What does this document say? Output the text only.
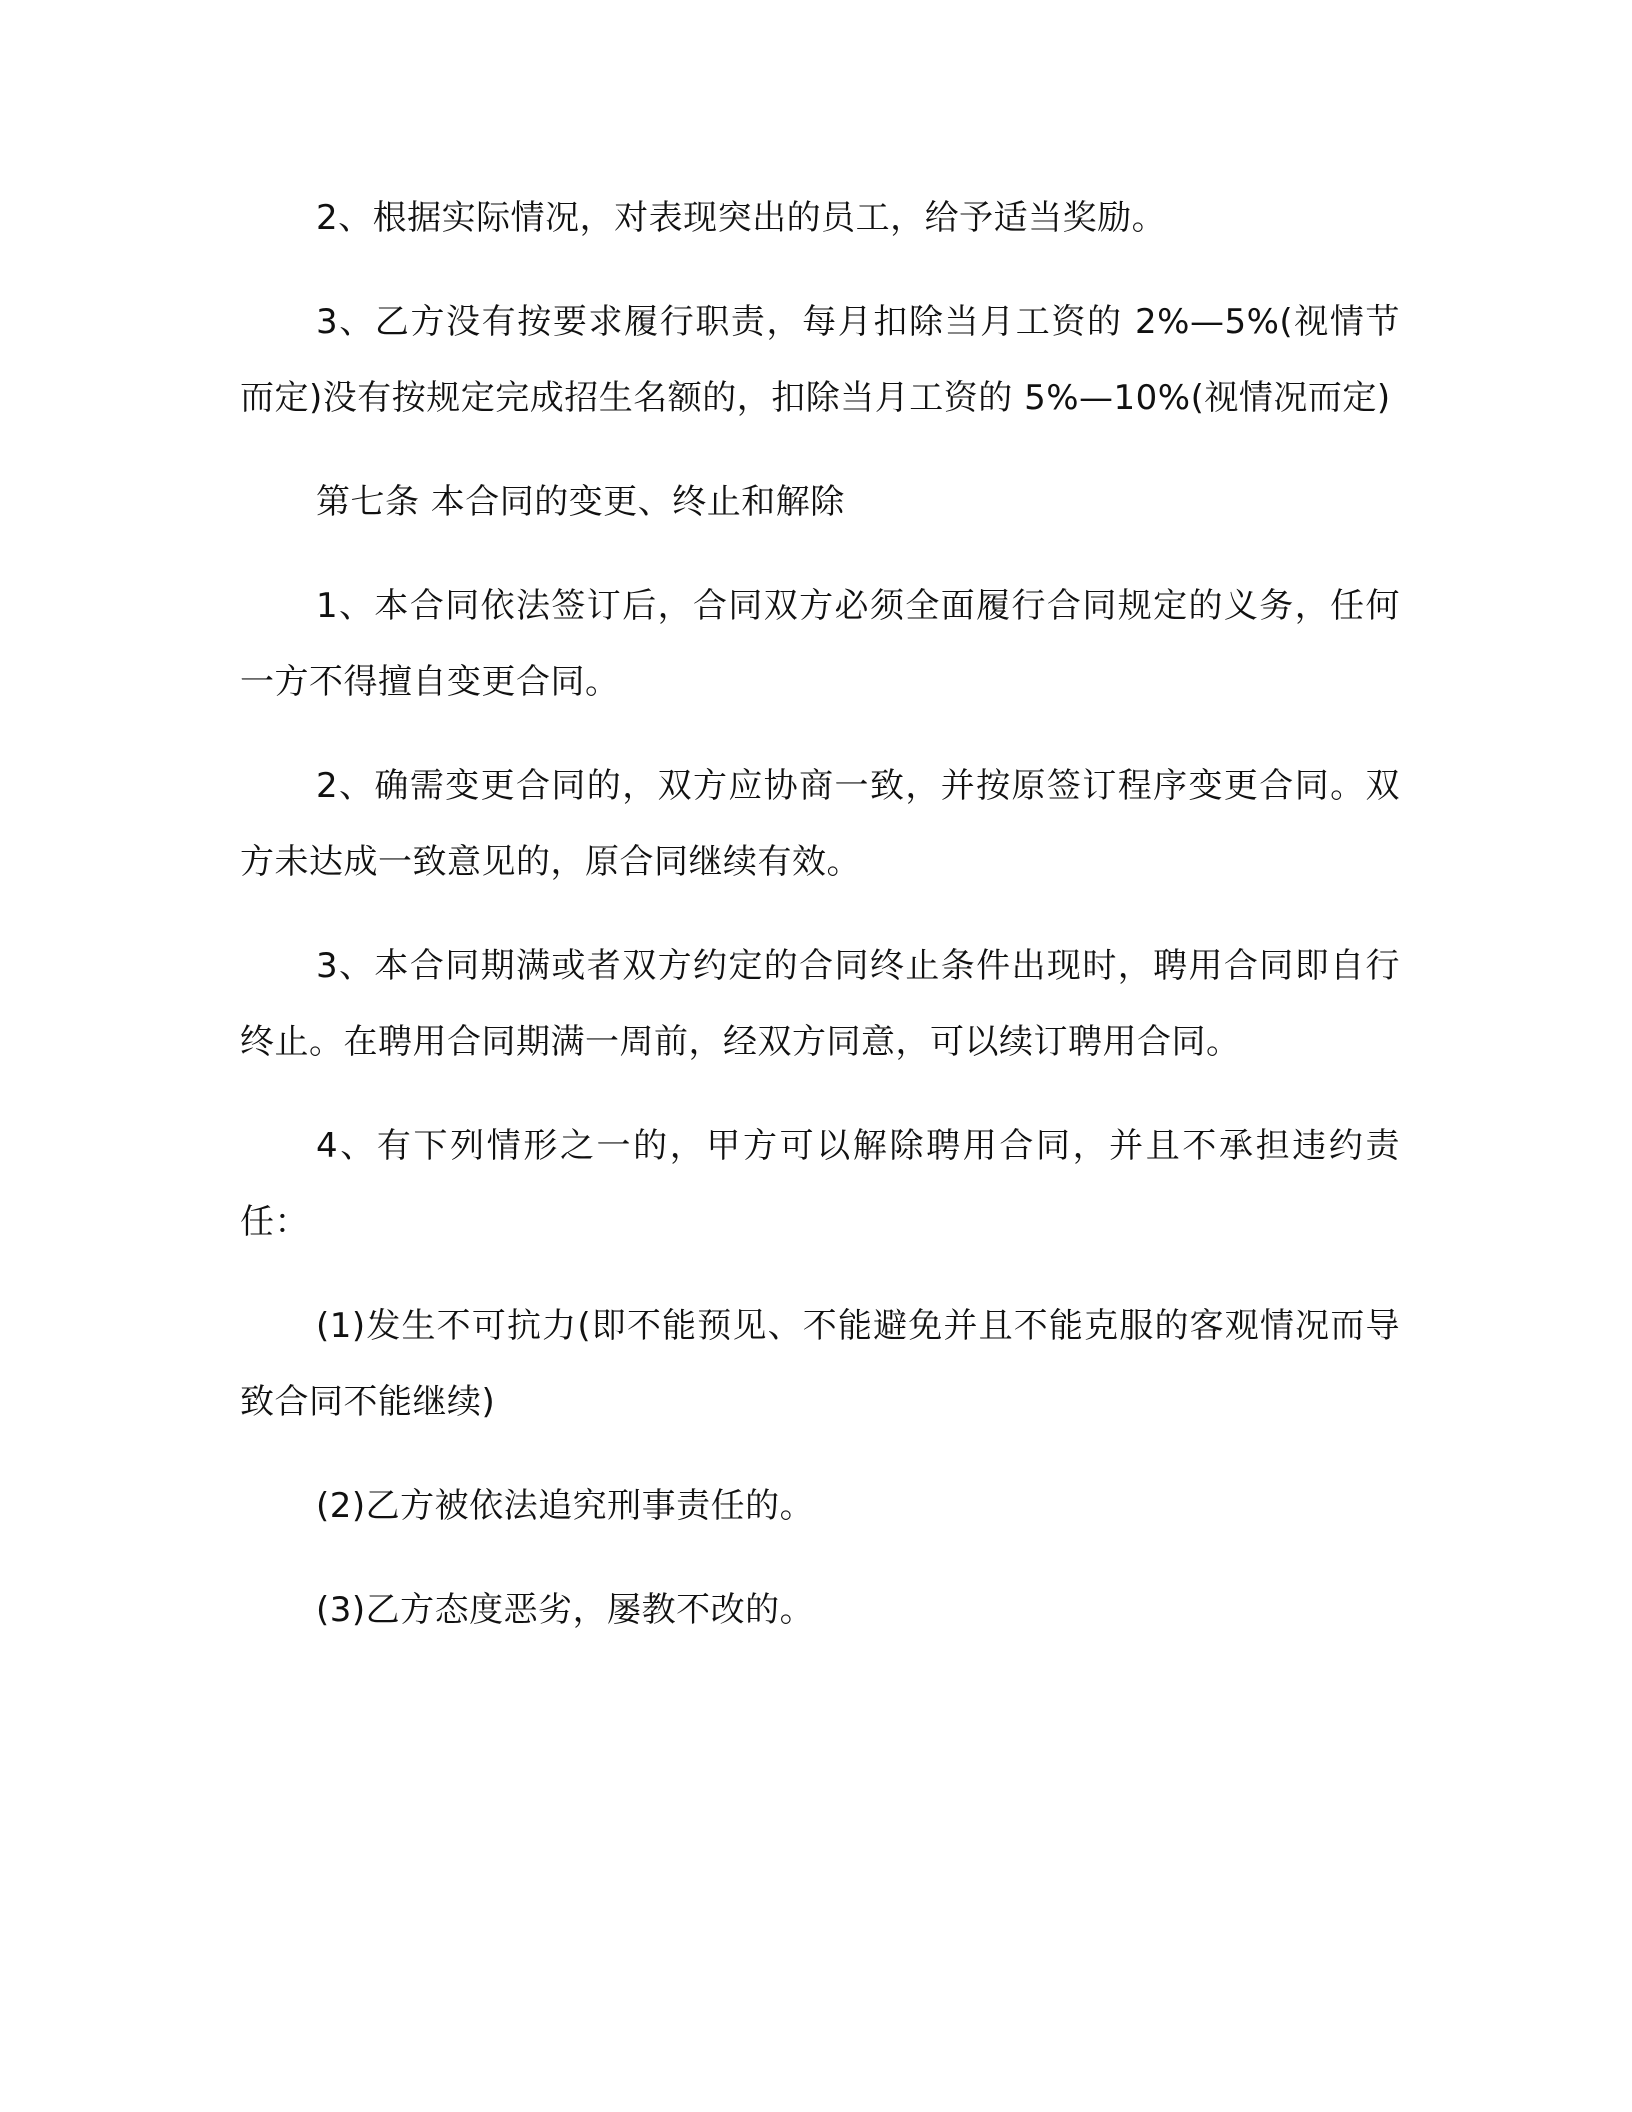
2、根据实际情况，对表现突出的员工，给予适当奖励。

3、乙方没有按要求履行职责，每月扣除当月工资的 2%—5%(视情节而定)没有按规定完成招生名额的，扣除当月工资的 5%—10%(视情况而定)

第七条 本合同的变更、终止和解除

1、本合同依法签订后，合同双方必须全面履行合同规定的义务，任何一方不得擅自变更合同。

2、确需变更合同的，双方应协商一致，并按原签订程序变更合同。双方未达成一致意见的，原合同继续有效。

3、本合同期满或者双方约定的合同终止条件出现时，聘用合同即自行终止。在聘用合同期满一周前，经双方同意，可以续订聘用合同。

4、有下列情形之一的，甲方可以解除聘用合同，并且不承担违约责任：

(1)发生不可抗力(即不能预见、不能避免并且不能克服的客观情况而导致合同不能继续)

(2)乙方被依法追究刑事责任的。

(3)乙方态度恶劣，屡教不改的。
